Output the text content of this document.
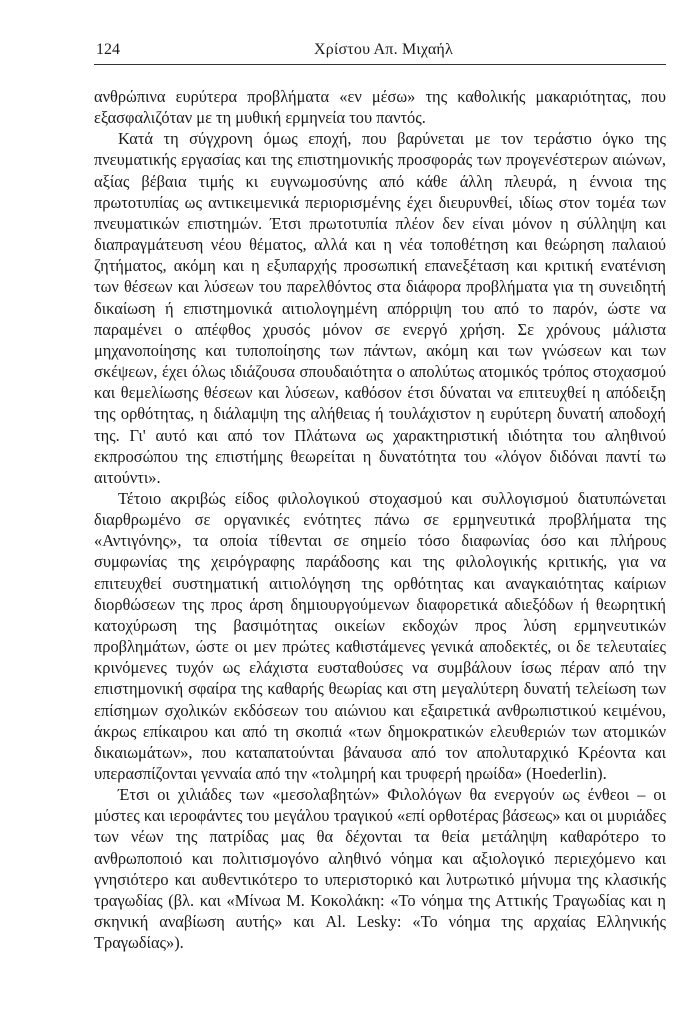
124	Χρίστου Απ. Μιχαήλ

ανθρώπινα ευρύτερα προβλήματα «εν μέσω» της καθολικής μακαριότητας, που εξασφαλιζόταν με τη μυθική ερμηνεία του παντός.

Κατά τη σύγχρονη όμως εποχή, που βαρύνεται με τον τεράστιο όγκο της πνευματικής εργασίας και της επιστημονικής προσφοράς των προγενέστερων αιώνων, αξίας βέβαια τιμής κι ευγνωμοσύνης από κάθε άλλη πλευρά, η έννοια της πρωτοτυπίας ως αντικειμενικά περιορισμένης έχει διευρυνθεί, ιδίως στον τομέα των πνευματικών επιστημών. Έτσι πρωτοτυπία πλέον δεν είναι μόνον η σύλληψη και διαπραγμάτευση νέου θέματος, αλλά και η νέα τοποθέτηση και θεώρηση παλαιού ζητήματος, ακόμη και η εξυπαρχής προσωπική επανεξέταση και κριτική ενατένιση των θέσεων και λύσεων του παρελθόντος στα διάφορα προβλήματα για τη συνειδητή δικαίωση ή επιστημονικά αιτιολογημένη απόρριψη του από το παρόν, ώστε να παραμένει ο απέφθος χρυσός μόνον σε ενεργό χρήση. Σε χρόνους μάλιστα μηχανοποίησης και τυποποίησης των πάντων, ακόμη και των γνώσεων και των σκέψεων, έχει όλως ιδιάζουσα σπουδαιότητα ο απολύτως ατομικός τρόπος στοχασμού και θεμελίωσης θέσεων και λύσεων, καθόσον έτσι δύναται να επιτευχθεί η απόδειξη της ορθότητας, η διάλαμψη της αλήθειας ή τουλάχιστον η ευρύτερη δυνατή αποδοχή της. Γι' αυτό και από τον Πλάτωνα ως χαρακτηριστική ιδιότητα του αληθινού εκπροσώπου της επιστήμης θεωρείται η δυνατότητα του «λόγον διδόναι παντί τω αιτούντι».

Τέτοιο ακριβώς είδος φιλολογικού στοχασμού και συλλογισμού διατυπώνεται διαρθρωμένο σε οργανικές ενότητες πάνω σε ερμηνευτικά προβλήματα της «Αντιγόνης», τα οποία τίθενται σε σημείο τόσο διαφωνίας όσο και πλήρους συμφωνίας της χειρόγραφης παράδοσης και της φιλολογικής κριτικής, για να επιτευχθεί συστηματική αιτιολόγηση της ορθότητας και αναγκαιότητας καίριων διορθώσεων της προς άρση δημιουργούμενων διαφορετικά αδιεξόδων ή θεωρητική κατοχύρωση της βασιμότητας οικείων εκδοχών προς λύση ερμηνευτικών προβλημάτων, ώστε οι μεν πρώτες καθιστάμενες γενικά αποδεκτές, οι δε τελευταίες κρινόμενες τυχόν ως ελάχιστα ευσταθούσες να συμβάλουν ίσως πέραν από την επιστημονική σφαίρα της καθαρής θεωρίας και στη μεγαλύτερη δυνατή τελείωση των επίσημων σχολικών εκδόσεων του αιώνιου και εξαιρετικά ανθρωπιστικού κειμένου, άκρως επίκαιρου και από τη σκοπιά «των δημοκρατικών ελευθεριών των ατομικών δικαιωμάτων», που καταπατούνται βάναυσα από τον απολυταρχικό Κρέοντα και υπερασπίζονται γενναία από την «τολμηρή και τρυφερή ηρωίδα» (Hoederlin).

Έτσι οι χιλιάδες των «μεσολαβητών» Φιλολόγων θα ενεργούν ως ένθεοι – οι μύστες και ιεροφάντες του μεγάλου τραγικού «επί ορθοτέρας βάσεως» και οι μυριάδες των νέων της πατρίδας μας θα δέχονται τα θεία μετάληψη καθαρότερο το ανθρωποποιό και πολιτισμογόνο αληθινό νόημα και αξιολογικό περιεχόμενο και γνησιότερο και αυθεντικότερο το υπεριστορικό και λυτρωτικό μήνυμα της κλασικής τραγωδίας (βλ. και «Μίνωα Μ. Κοκολάκη: «Το νόημα της Αττικής Τραγωδίας και η σκηνική αναβίωση αυτής» και Al. Lesky: «Το νόημα της αρχαίας Ελληνικής Τραγωδίας»).
